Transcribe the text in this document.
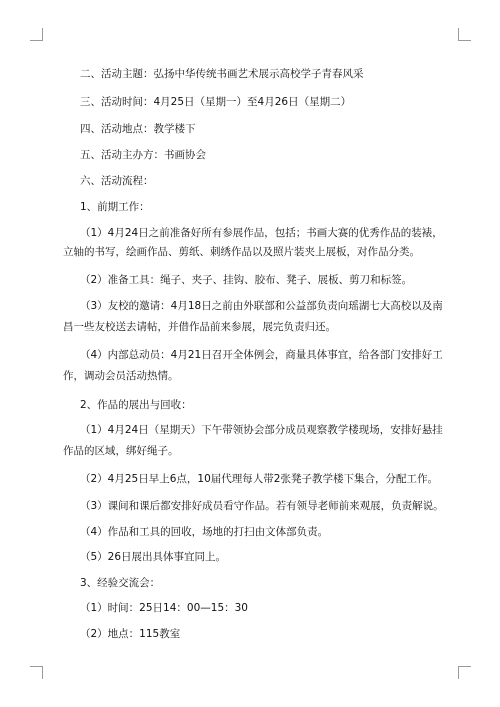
二、活动主题：弘扬中华传统书画艺术展示高校学子青春风采
三、活动时间：4月25日（星期一）至4月26日（星期二）
四、活动地点：教学楼下
五、活动主办方：书画协会
六、活动流程：
1、前期工作：
（1）4月24日之前准备好所有参展作品，包括；书画大赛的优秀作品的装裱，
立轴的书写，绘画作品、剪纸、刺绣作品以及照片装夹上展板，对作品分类。
（2）准备工具：绳子、夹子、挂钩、胶布、凳子、展板、剪刀和标签。
（3）友校的邀请：4月18日之前由外联部和公益部负责向瑶湖七大高校以及南
昌一些友校送去请帖，并借作品前来参展，展完负责归还。
（4）内部总动员：4月21日召开全体例会，商量具体事宜，给各部门安排好工
作，调动会员活动热情。
2、作品的展出与回收：
（1）4月24日（星期天）下午带领协会部分成员观察教学楼现场，安排好悬挂
作品的区域，绑好绳子。
（2）4月25日早上6点，10届代理每人带2张凳子教学楼下集合，分配工作。
（3）课间和课后都安排好成员看守作品。若有领导老师前来观展，负责解说。
（4）作品和工具的回收，场地的打扫由文体部负责。
（5）26日展出具体事宜同上。
3、经验交流会：
（1）时间：25日14：00—15：30
（2）地点：115教室
